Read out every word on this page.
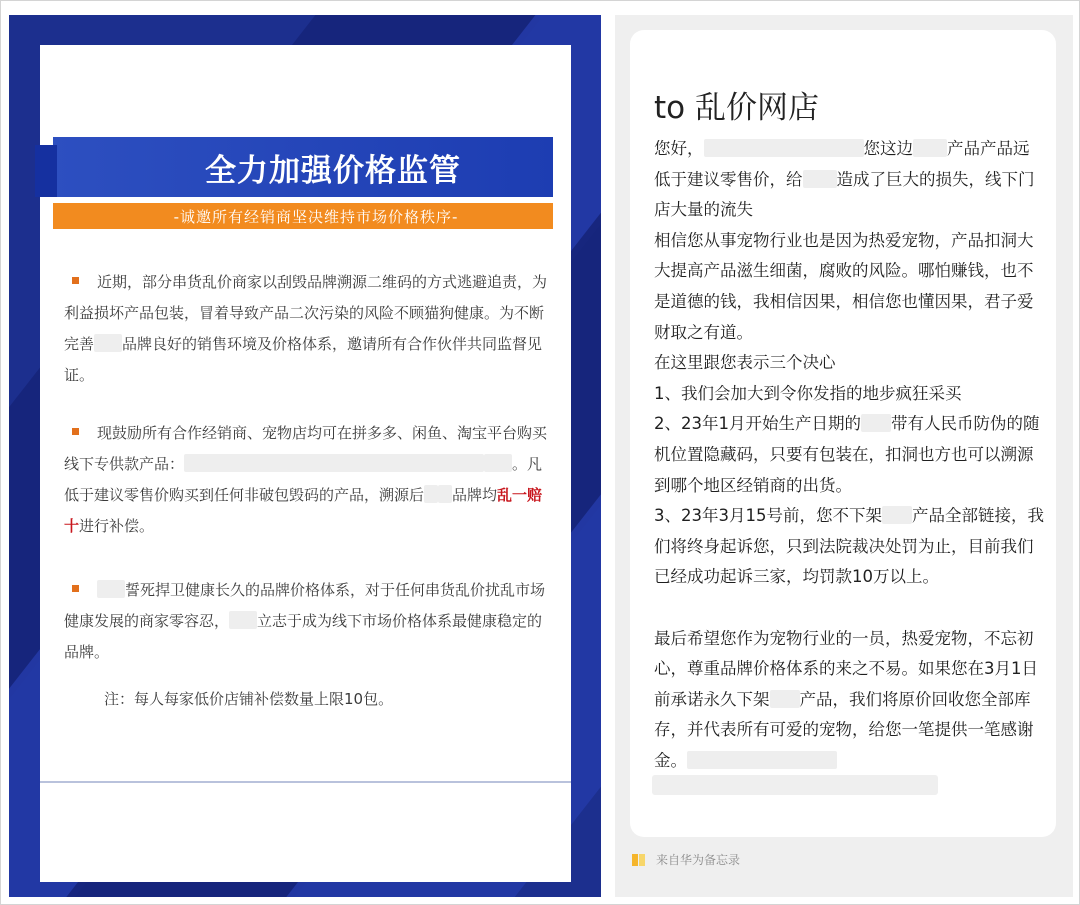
全力加强价格监管
-诚邀所有经销商坚决维持市场价格秩序-
近期，部分串货乱价商家以刮毁品牌溯源二维码的方式逃避追责，为利益损坏产品包装，冒着导致产品二次污染的风险不顾猫狗健康。为不断完善 品牌良好的销售环境及价格体系，邀请所有合作伙伴共同监督见证。
现鼓励所有合作经销商、宠物店均可在拼多多、闲鱼、淘宝平台购买线下专供款产品：	。凡低于建议零售价购买到任何非破包毁码的产品，溯源后 品牌均乱一赔十进行补偿。
誓死捍卫健康长久的品牌价格体系，对于任何串货乱价扰乱市场健康发展的商家零容忍， 立志于成为线下市场价格体系最健康稳定的品牌。
注：每人每家低价店铺补偿数量上限10包。
to 乱价网店

您好，	您这边 产品产品远低于建议零售价，给 造成了巨大的损失，线下门店大量的流失

相信您从事宠物行业也是因为热爱宠物，产品扣洞大大提高产品滋生细菌，腐败的风险。哪怕赚钱，也不是道德的钱，我相信因果，相信您也懂因果，君子爱财取之有道。

在这里跟您表示三个决心

1、我们会加大到令你发指的地步疯狂采买

2、23年1月开始生产日期的 带有人民币防伪的随机位置隐藏码，只要有包装在，扣洞也方也可以溯源到哪个地区经销商的出货。

3、23年3月15号前，您不下架 产品全部链接，我们将终身起诉您，只到法院裁决处罚为止，目前我们已经成功起诉三家，均罚款10万以上。

最后希望您作为宠物行业的一员，热爱宠物，不忘初心，尊重品牌价格体系的来之不易。如果您在3月1日前承诺永久下架 产品，我们将原价回收您全部库存，并代表所有可爱的宠物，给您一笔提供一笔感谢金。

来自华为备忘录
